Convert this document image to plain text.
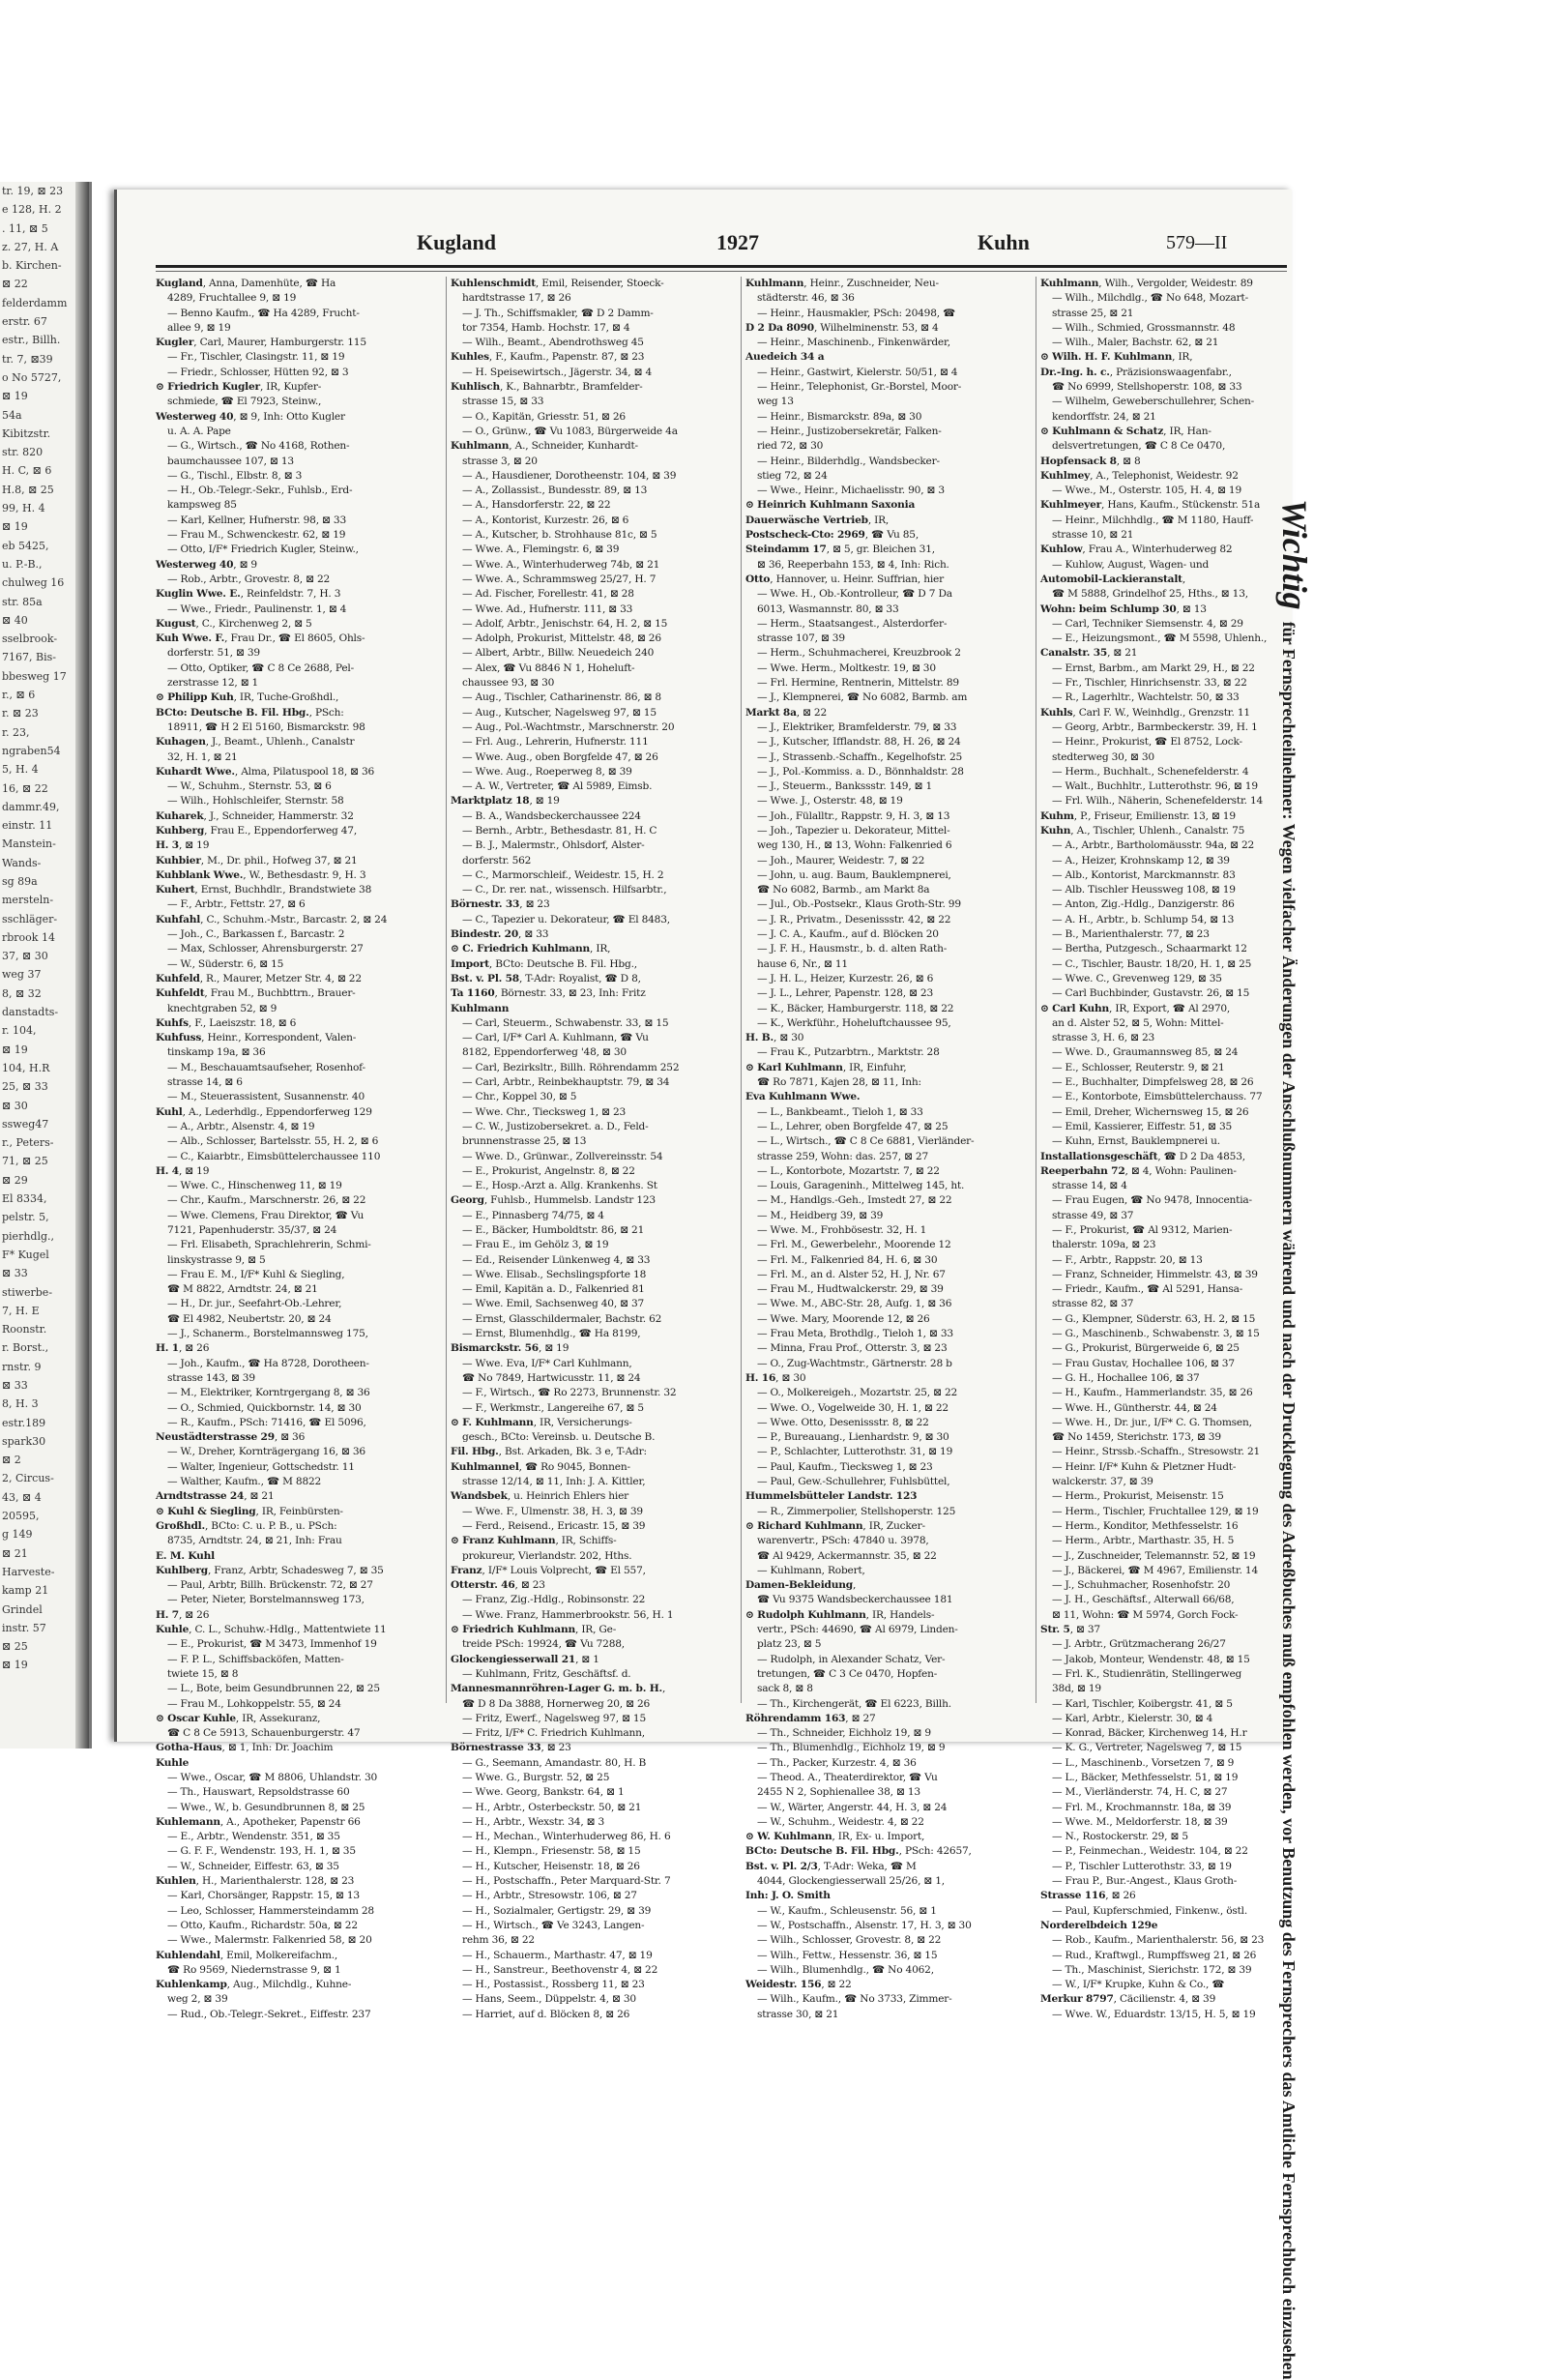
tr. 19, ⊠ 23
e 128, H. 2
. 11, ⊠ 5
z. 27, H. A
b. Kirchen-
⊠ 22
felderdamm
erstr. 67
estr., Billh.
tr. 7, ⊠39
o No 5727,
⊠ 19
54a
Kibitzstr.
str. 820
H. C, ⊠ 6
H.8, ⊠ 25
99, H. 4
⊠ 19
eb 5425,
u. P.-B.,
chulweg 16
str. 85a
⊠ 40
sselbrook-
7167, Bis-
bbesweg 17
r., ⊠ 6
r. ⊠ 23
r. 23,
ngraben54
5, H. 4
16, ⊠ 22
dammr.49,
einstr. 11
Manstein-
Wands-
sg 89a
mersteln-
sschläger-
rbrook 14
37, ⊠ 30
weg 37
8, ⊠ 32
danstadts-
r. 104,
⊠ 19
104, H.R
25, ⊠ 33
⊠ 30
ssweg47
r., Peters-
71, ⊠ 25
⊠ 29
El 8334,
pelstr. 5,
pierhdlg.,
F* Kugel
⊠ 33
stiwerbe-
7, H. E
Roonstr.
r. Borst.,
rnstr. 9
⊠ 33
8, H. 3
estr.189
spark30
⊠ 2
2, Circus-
43, ⊠ 4
20595,
g 149
⊠ 21
Harveste-
kamp 21
Grindel
instr. 57
⊠ 25
⊠ 19
Kugland	1927	Kuhn	579—II
Kugland, Anna, Damenhüte, ☎ Ha
4289, Fruchtallee 9, ⊠ 19
— Benno Kaufm., ☎ Ha 4289, Frucht-
allee 9, ⊠ 19
Kugler, Carl, Maurer, Hamburgerstr. 115
— Fr., Tischler, Clasingstr. 11, ⊠ 19
— Friedr., Schlosser, Hütten 92, ⊠ 3
⊙ Friedrich Kugler, IR, Kupfer-
schmiede, ☎ El 7923, Steinw.,
Westerweg 40, ⊠ 9, Inh: Otto Kugler
u. A. A. Pape
— G., Wirtsch., ☎ No 4168, Rothen-
baumchaussee 107, ⊠ 13
— G., Tischl., Elbstr. 8, ⊠ 3
— H., Ob.-Telegr.-Sekr., Fuhlsb., Erd-
kampsweg 85
— Karl, Kellner, Hufnerstr. 98, ⊠ 33
— Frau M., Schwenckestr. 62, ⊠ 19
— Otto, I/F* Friedrich Kugler, Steinw.,
Westerweg 40, ⊠ 9
— Rob., Arbtr., Grovestr. 8, ⊠ 22
Kuglin Wwe. E., Reinfeldstr. 7, H. 3
— Wwe., Friedr., Paulinenstr. 1, ⊠ 4
Kugust, C., Kirchenweg 2, ⊠ 5
Kuh Wwe. F., Frau Dr., ☎ El 8605, Ohls-
dorferstr. 51, ⊠ 39
— Otto, Optiker, ☎ C 8 Ce 2688, Pel-
zerstrasse 12, ⊠ 1
⊙ Philipp Kuh, IR, Tuche-Großhdl.,
BCto: Deutsche B. Fil. Hbg., PSch:
18911, ☎ H 2 El 5160, Bismarckstr. 98
Kuhagen, J., Beamt., Uhlenh., Canalstr
32, H. 1, ⊠ 21
Kuhardt Wwe., Alma, Pilatuspool 18, ⊠ 36
— W., Schuhm., Sternstr. 53, ⊠ 6
— Wilh., Hohlschleifer, Sternstr. 58
Kuharek, J., Schneider, Hammerstr. 32
Kuhberg, Frau E., Eppendorferweg 47,
H. 3, ⊠ 19
Kuhbier, M., Dr. phil., Hofweg 37, ⊠ 21
Kuhblank Wwe., W., Bethesdastr. 9, H. 3
Kuhert, Ernst, Buchhdlr., Brandstwiete 38
— F., Arbtr., Fettstr. 27, ⊠ 6
Kuhfahl, C., Schuhm.-Mstr., Barcastr. 2, ⊠ 24
— Joh., C., Barkassen f., Barcastr. 2
— Max, Schlosser, Ahrensburgerstr. 27
— W., Süderstr. 6, ⊠ 15
Kuhfeld, R., Maurer, Metzer Str. 4, ⊠ 22
Kuhfeldt, Frau M., Buchbttrn., Brauer-
knechtgraben 52, ⊠ 9
Kuhfs, F., Laeiszstr. 18, ⊠ 6
Kuhfuss, Heinr., Korrespondent, Valen-
tinskamp 19a, ⊠ 36
— M., Beschauamtsaufseher, Rosenhof-
strasse 14, ⊠ 6
— M., Steuerassistent, Susannenstr. 40
Kuhl, A., Lederhdlg., Eppendorferweg 129
— A., Arbtr., Alsenstr. 4, ⊠ 19
— Alb., Schlosser, Bartelsstr. 55, H. 2, ⊠ 6
— C., Kaiarbtr., Eimsbüttelerchaussee 110
H. 4, ⊠ 19
— Wwe. C., Hinschenweg 11, ⊠ 19
— Chr., Kaufm., Marschnerstr. 26, ⊠ 22
— Wwe. Clemens, Frau Direktor, ☎ Vu
7121, Papenhuderstr. 35/37, ⊠ 24
— Frl. Elisabeth, Sprachlehrerin, Schmi-
linskystrasse 9, ⊠ 5
— Frau E. M., I/F* Kuhl & Siegling,
☎ M 8822, Arndtstr. 24, ⊠ 21
— H., Dr. jur., Seefahrt-Ob.-Lehrer,
☎ El 4982, Neubertstr. 20, ⊠ 24
— J., Schanerm., Borstelmannsweg 175,
H. 1, ⊠ 26
— Joh., Kaufm., ☎ Ha 8728, Dorotheen-
strasse 143, ⊠ 39
— M., Elektriker, Korntrgergang 8, ⊠ 36
— O., Schmied, Quickbornstr. 14, ⊠ 30
— R., Kaufm., PSch: 71416, ☎ El 5096,
Neustädterstrasse 29, ⊠ 36
— W., Dreher, Kornträgergang 16, ⊠ 36
— Walter, Ingenieur, Gottschedstr. 11
— Walther, Kaufm., ☎ M 8822
Arndtstrasse 24, ⊠ 21
⊙ Kuhl & Siegling, IR, Feinbürsten-
Großhdl., BCto: C. u. P. B., u. PSch:
8735, Arndtstr. 24, ⊠ 21, Inh: Frau
E. M. Kuhl
Kuhlberg, Franz, Arbtr, Schadesweg 7, ⊠ 35
— Paul, Arbtr, Billh. Brückenstr. 72, ⊠ 27
— Peter, Nieter, Borstelmannsweg 173,
H. 7, ⊠ 26
Kuhle, C. L., Schuhw.-Hdlg., Mattentwiete 11
— E., Prokurist, ☎ M 3473, Immenhof 19
— F. P. L., Schiffsbacköfen, Matten-
twiete 15, ⊠ 8
— L., Bote, beim Gesundbrunnen 22, ⊠ 25
— Frau M., Lohkoppelstr. 55, ⊠ 24
⊙ Oscar Kuhle, IR, Assekuranz,
☎ C 8 Ce 5913, Schauenburgerstr. 47
Gotha-Haus, ⊠ 1, Inh: Dr. Joachim
Kuhle
— Wwe., Oscar, ☎ M 8806, Uhlandstr. 30
— Th., Hauswart, Repsoldstrasse 60
— Wwe., W., b. Gesundbrunnen 8, ⊠ 25
Kuhlemann, A., Apotheker, Papenstr 66
— E., Arbtr., Wendenstr. 351, ⊠ 35
— G. F. F., Wendenstr. 193, H. 1, ⊠ 35
— W., Schneider, Eiffestr. 63, ⊠ 35
Kuhlen, H., Marienthalerstr. 128, ⊠ 23
— Karl, Chorsänger, Rappstr. 15, ⊠ 13
— Leo, Schlosser, Hammersteindamm 28
— Otto, Kaufm., Richardstr. 50a, ⊠ 22
— Wwe., Malermstr. Falkenried 58, ⊠ 20
Kuhlendahl, Emil, Molkereifachm.,
☎ Ro 9569, Niedernstrasse 9, ⊠ 1
Kuhlenkamp, Aug., Milchdlg., Kuhne-
weg 2, ⊠ 39
— Rud., Ob.-Telegr.-Sekret., Eiffestr. 237
Kuhlenschmidt, Emil, Reisender, Stoeck-
hardtstrasse 17, ⊠ 26
— J. Th., Schiffsmakler, ☎ D 2 Damm-
tor 7354, Hamb. Hochstr. 17, ⊠ 4
— Wilh., Beamt., Abendrothsweg 45
Kuhles, F., Kaufm., Papenstr. 87, ⊠ 23
— H. Speisewirtsch., Jägerstr. 34, ⊠ 4
Kuhlisch, K., Bahnarbtr., Bramfelder-
strasse 15, ⊠ 33
— O., Kapitän, Griesstr. 51, ⊠ 26
— O., Grünw., ☎ Vu 1083, Bürgerweide 4a
Kuhlmann, A., Schneider, Kunhardt-
strasse 3, ⊠ 20
— A., Hausdiener, Dorotheenstr. 104, ⊠ 39
— A., Zollassist., Bundesstr. 89, ⊠ 13
— A., Hansdorferstr. 22, ⊠ 22
— A., Kontorist, Kurzestr. 26, ⊠ 6
— A., Kutscher, b. Strohhause 81c, ⊠ 5
— Wwe. A., Flemingstr. 6, ⊠ 39
— Wwe. A., Winterhuderweg 74b, ⊠ 21
— Wwe. A., Schrammsweg 25/27, H. 7
— Ad. Fischer, Forellestr. 41, ⊠ 28
— Wwe. Ad., Hufnerstr. 111, ⊠ 33
— Adolf, Arbtr., Jenischstr. 64, H. 2, ⊠ 15
— Adolph, Prokurist, Mittelstr. 48, ⊠ 26
— Albert, Arbtr., Billw. Neuedeich 240
— Alex, ☎ Vu 8846 N 1, Hoheluft-
chaussee 93, ⊠ 30
— Aug., Tischler, Catharinenstr. 86, ⊠ 8
— Aug., Kutscher, Nagelsweg 97, ⊠ 15
— Aug., Pol.-Wachtmstr., Marschnerstr. 20
— Frl. Aug., Lehrerin, Hufnerstr. 111
— Wwe. Aug., oben Borgfelde 47, ⊠ 26
— Wwe. Aug., Roeperweg 8, ⊠ 39
— A. W., Vertreter, ☎ Al 5989, Eimsb.
Marktplatz 18, ⊠ 19
— B. A., Wandsbeckerchaussee 224
— Bernh., Arbtr., Bethesdastr. 81, H. C
— B. J., Malermstr., Ohlsdorf, Alster-
dorferstr. 562
— C., Marmorschleif., Weidestr. 15, H. 2
— C., Dr. rer. nat., wissensch. Hilfsarbtr.,
Börnestr. 33, ⊠ 23
— C., Tapezier u. Dekorateur, ☎ El 8483,
Bindestr. 20, ⊠ 33
⊙ C. Friedrich Kuhlmann, IR,
Import, BCto: Deutsche B. Fil. Hbg.,
Bst. v. Pl. 58, T-Adr: Royalist, ☎ D 8,
Ta 1160, Börnestr. 33, ⊠ 23, Inh: Fritz
Kuhlmann
— Carl, Steuerm., Schwabenstr. 33, ⊠ 15
— Carl, I/F* Carl A. Kuhlmann, ☎ Vu
8182, Eppendorferweg '48, ⊠ 30
— Carl, Bezirksltr., Billh. Röhrendamm 252
— Carl, Arbtr., Reinbekhauptstr. 79, ⊠ 34
— Chr., Koppel 30, ⊠ 5
— Wwe. Chr., Tiecksweg 1, ⊠ 23
— C. W., Justizobersekret. a. D., Feld-
brunnenstrasse 25, ⊠ 13
— Wwe. D., Grünwar., Zollvereinsstr. 54
— E., Prokurist, Angelnstr. 8, ⊠ 22
— E., Hosp.-Arzt a. Allg. Krankenhs. St
Georg, Fuhlsb., Hummelsb. Landstr 123
— E., Pinnasberg 74/75, ⊠ 4
— E., Bäcker, Humboldtstr. 86, ⊠ 21
— Frau E., im Gehölz 3, ⊠ 19
— Ed., Reisender Lünkenweg 4, ⊠ 33
— Wwe. Elisab., Sechslingspforte 18
— Emil, Kapitän a. D., Falkenried 81
— Wwe. Emil, Sachsenweg 40, ⊠ 37
— Ernst, Glasschildermaler, Bachstr. 62
— Ernst, Blumenhdlg., ☎ Ha 8199,
Bismarckstr. 56, ⊠ 19
— Wwe. Eva, I/F* Carl Kuhlmann,
☎ No 7849, Hartwicusstr. 11, ⊠ 24
— F., Wirtsch., ☎ Ro 2273, Brunnenstr. 32
— F., Werkmstr., Langereihe 67, ⊠ 5
⊙ F. Kuhlmann, IR, Versicherungs-
gesch., BCto: Vereinsb. u. Deutsche B.
Fil. Hbg., Bst. Arkaden, Bk. 3 e, T-Adr:
Kuhlmannel, ☎ Ro 9045, Bonnen-
strasse 12/14, ⊠ 11, Inh: J. A. Kittler,
Wandsbek, u. Heinrich Ehlers hier
— Wwe. F., Ulmenstr. 38, H. 3, ⊠ 39
— Ferd., Reisend., Ericastr. 15, ⊠ 39
⊙ Franz Kuhlmann, IR, Schiffs-
prokureur, Vierlandstr. 202, Hths.
Franz, I/F* Louis Volprecht, ☎ El 557,
Otterstr. 46, ⊠ 23
— Franz, Zig.-Hdlg., Robinsonstr. 22
— Wwe. Franz, Hammerbrookstr. 56, H. 1
⊙ Friedrich Kuhlmann, IR, Ge-
treide PSch: 19924, ☎ Vu 7288,
Glockengiesserwall 21, ⊠ 1
— Kuhlmann, Fritz, Geschäftsf. d.
Mannesmannröhren-Lager G. m. b. H.,
☎ D 8 Da 3888, Hornerweg 20, ⊠ 26
— Fritz, Ewerf., Nagelsweg 97, ⊠ 15
— Fritz, I/F* C. Friedrich Kuhlmann,
Börnestrasse 33, ⊠ 23
— G., Seemann, Amandastr. 80, H. B
— Wwe. G., Burgstr. 52, ⊠ 25
— Wwe. Georg, Bankstr. 64, ⊠ 1
— H., Arbtr., Osterbeckstr. 50, ⊠ 21
— H., Arbtr., Wexstr. 34, ⊠ 3
— H., Mechan., Winterhuderweg 86, H. 6
— H., Klempn., Friesenstr. 58, ⊠ 15
— H., Kutscher, Heisenstr. 18, ⊠ 26
— H., Postschaffn., Peter Marquard-Str. 7
— H., Arbtr., Stresowstr. 106, ⊠ 27
— H., Sozialmaler, Gertigstr. 29, ⊠ 39
— H., Wirtsch., ☎ Ve 3243, Langen-
rehm 36, ⊠ 22
— H., Schauerm., Marthastr. 47, ⊠ 19
— H., Sanstreur., Beethovenstr 4, ⊠ 22
— H., Postassist., Rossberg 11, ⊠ 23
— Hans, Seem., Düppelstr. 4, ⊠ 30
— Harriet, auf d. Blöcken 8, ⊠ 26
Kuhlmann, Heinr., Zuschneider, Neu-
städterstr. 46, ⊠ 36
— Heinr., Hausmakler, PSch: 20498, ☎
D 2 Da 8090, Wilhelminenstr. 53, ⊠ 4
— Heinr., Maschinenb., Finkenwärder,
Auedeich 34 a
— Heinr., Gastwirt, Kielerstr. 50/51, ⊠ 4
— Heinr., Telephonist, Gr.-Borstel, Moor-
weg 13
— Heinr., Bismarckstr. 89a, ⊠ 30
— Heinr., Justizobersekretär, Falken-
ried 72, ⊠ 30
— Heinr., Bilderhdlg., Wandsbecker-
stieg 72, ⊠ 24
— Wwe., Heinr., Michaelisstr. 90, ⊠ 3
⊙ Heinrich Kuhlmann Saxonia
Dauerwäsche Vertrieb, IR,
Postscheck-Cto: 2969, ☎ Vu 85,
Steindamm 17, ⊠ 5, gr. Bleichen 31,
⊠ 36, Reeperbahn 153, ⊠ 4, Inh: Rich.
Otto, Hannover, u. Heinr. Suffrian, hier
— Wwe. H., Ob.-Kontrolleur, ☎ D 7 Da
6013, Wasmannstr. 80, ⊠ 33
— Herm., Staatsangest., Alsterdorfer-
strasse 107, ⊠ 39
— Herm., Schuhmacherei, Kreuzbrook 2
— Wwe. Herm., Moltkestr. 19, ⊠ 30
— Frl. Hermine, Rentnerin, Mittelstr. 89
— J., Klempnerei, ☎ No 6082, Barmb. am
Markt 8a, ⊠ 22
— J., Elektriker, Bramfelderstr. 79, ⊠ 33
— J., Kutscher, Ifflandstr. 88, H. 26, ⊠ 24
— J., Strassenb.-Schaffn., Kegelhofstr. 25
— J., Pol.-Kommiss. a. D., Bönnhaldstr. 28
— J., Steuerm., Bankssstr. 149, ⊠ 1
— Wwe. J., Osterstr. 48, ⊠ 19
— Joh., Fülalltr., Rappstr. 9, H. 3, ⊠ 13
— Joh., Tapezier u. Dekorateur, Mittel-
weg 130, H., ⊠ 13, Wohn: Falkenried 6
— Joh., Maurer, Weidestr. 7, ⊠ 22
— John, u. aug. Baum, Bauklempnerei,
☎ No 6082, Barmb., am Markt 8a
— Jul., Ob.-Postsekr., Klaus Groth-Str. 99
— J. R., Privatm., Desenissstr. 42, ⊠ 22
— J. C. A., Kaufm., auf d. Blöcken 20
— J. F. H., Hausmstr., b. d. alten Rath-
hause 6, Nr., ⊠ 11
— J. H. L., Heizer, Kurzestr. 26, ⊠ 6
— J. L., Lehrer, Papenstr. 128, ⊠ 23
— K., Bäcker, Hamburgerstr. 118, ⊠ 22
— K., Werkführ., Hoheluftchaussee 95,
H. B., ⊠ 30
— Frau K., Putzarbtrn., Marktstr. 28
⊙ Karl Kuhlmann, IR, Einfuhr,
☎ Ro 7871, Kajen 28, ⊠ 11, Inh:
Eva Kuhlmann Wwe.
— L., Bankbeamt., Tieloh 1, ⊠ 33
— L., Lehrer, oben Borgfelde 47, ⊠ 25
— L., Wirtsch., ☎ C 8 Ce 6881, Vierländer-
strasse 259, Wohn: das. 257, ⊠ 27
— L., Kontorbote, Mozartstr. 7, ⊠ 22
— Louis, Garageninh., Mittelweg 145, ht.
— M., Handlgs.-Geh., Imstedt 27, ⊠ 22
— M., Heidberg 39, ⊠ 39
— Wwe. M., Frohbösestr. 32, H. 1
— Frl. M., Gewerbelehr., Moorende 12
— Frl. M., Falkenried 84, H. 6, ⊠ 30
— Frl. M., an d. Alster 52, H. J, Nr. 67
— Frau M., Hudtwalckerstr. 29, ⊠ 39
— Wwe. M., ABC-Str. 28, Aufg. 1, ⊠ 36
— Wwe. Mary, Moorende 12, ⊠ 26
— Frau Meta, Brothdlg., Tieloh 1, ⊠ 33
— Minna, Frau Prof., Otterstr. 3, ⊠ 23
— O., Zug-Wachtmstr., Gärtnerstr. 28 b
H. 16, ⊠ 30
— O., Molkereigeh., Mozartstr. 25, ⊠ 22
— Wwe. O., Vogelweide 30, H. 1, ⊠ 22
— Wwe. Otto, Desenissstr. 8, ⊠ 22
— P., Bureauang., Lienhardstr. 9, ⊠ 30
— P., Schlachter, Lutterothstr. 31, ⊠ 19
— Paul, Kaufm., Tiecksweg 1, ⊠ 23
— Paul, Gew.-Schullehrer, Fuhlsbüttel,
Hummelsbütteler Landstr. 123
— R., Zimmerpolier, Stellshoperstr. 125
⊙ Richard Kuhlmann, IR, Zucker-
warenvertr., PSch: 47840 u. 3978,
☎ Al 9429, Ackermannstr. 35, ⊠ 22
— Kuhlmann, Robert,
Damen-Bekleidung,
☎ Vu 9375 Wandsbeckerchaussee 181
⊙ Rudolph Kuhlmann, IR, Handels-
vertr., PSch: 44690, ☎ Al 6979, Linden-
platz 23, ⊠ 5
— Rudolph, in Alexander Schatz, Ver-
tretungen, ☎ C 3 Ce 0470, Hopfen-
sack 8, ⊠ 8
— Th., Kirchengerät, ☎ El 6223, Billh.
Röhrendamm 163, ⊠ 27
— Th., Schneider, Eichholz 19, ⊠ 9
— Th., Blumenhdlg., Eichholz 19, ⊠ 9
— Th., Packer, Kurzestr. 4, ⊠ 36
— Theod. A., Theaterdirektor, ☎ Vu
2455 N 2, Sophienallee 38, ⊠ 13
— W., Wärter, Angerstr. 44, H. 3, ⊠ 24
— W., Schuhm., Weidestr. 4, ⊠ 22
⊙ W. Kuhlmann, IR, Ex- u. Import,
BCto: Deutsche B. Fil. Hbg., PSch: 42657,
Bst. v. Pl. 2/3, T-Adr: Weka, ☎ M
4044, Glockengiesserwall 25/26, ⊠ 1,
Inh: J. O. Smith
— W., Kaufm., Schleusenstr. 56, ⊠ 1
— W., Postschaffn., Alsenstr. 17, H. 3, ⊠ 30
— Wilh., Schlosser, Grovestr. 8, ⊠ 22
— Wilh., Fettw., Hessenstr. 36, ⊠ 15
— Wilh., Blumenhdlg., ☎ No 4062,
Weidestr. 156, ⊠ 22
— Wilh., Kaufm., ☎ No 3733, Zimmer-
strasse 30, ⊠ 21
Kuhlmann, Wilh., Vergolder, Weidestr. 89
— Wilh., Milchdlg., ☎ No 648, Mozart-
strasse 25, ⊠ 21
— Wilh., Schmied, Grossmannstr. 48
— Wilh., Maler, Bachstr. 62, ⊠ 21
⊙ Wilh. H. F. Kuhlmann, IR,
Dr.-Ing. h. c., Präzisionswaagenfabr.,
☎ No 6999, Stellshoperstr. 108, ⊠ 33
— Wilhelm, Geweberschullehrer, Schen-
kendorffstr. 24, ⊠ 21
⊙ Kuhlmann & Schatz, IR, Han-
delsvertretungen, ☎ C 8 Ce 0470,
Hopfensack 8, ⊠ 8
Kuhlmey, A., Telephonist, Weidestr. 92
— Wwe., M., Osterstr. 105, H. 4, ⊠ 19
Kuhlmeyer, Hans, Kaufm., Stückenstr. 51a
— Heinr., Milchhdlg., ☎ M 1180, Hauff-
strasse 10, ⊠ 21
Kuhlow, Frau A., Winterhuderweg 82
— Kuhlow, August, Wagen- und
Automobil-Lackieranstalt,
☎ M 5888, Grindelhof 25, Hths., ⊠ 13,
Wohn: beim Schlump 30, ⊠ 13
— Carl, Techniker Siemsenstr. 4, ⊠ 29
— E., Heizungsmont., ☎ M 5598, Uhlenh.,
Canalstr. 35, ⊠ 21
— Ernst, Barbm., am Markt 29, H., ⊠ 22
— Fr., Tischler, Hinrichsenstr. 33, ⊠ 22
— R., Lagerhltr., Wachtelstr. 50, ⊠ 33
Kuhls, Carl F. W., Weinhdlg., Grenzstr. 11
— Georg, Arbtr., Barmbeckerstr. 39, H. 1
— Heinr., Prokurist, ☎ El 8752, Lock-
stedterweg 30, ⊠ 30
— Herm., Buchhalt., Schenefelderstr. 4
— Walt., Buchhltr., Lutterothstr. 96, ⊠ 19
— Frl. Wilh., Näherin, Schenefelderstr. 14
Kuhm, P., Friseur, Emilienstr. 13, ⊠ 19
Kuhn, A., Tischler, Uhlenh., Canalstr. 75
— A., Arbtr., Bartholomäusstr. 94a, ⊠ 22
— A., Heizer, Krohnskamp 12, ⊠ 39
— Alb., Kontorist, Marckmannstr. 83
— Alb. Tischler Heussweg 108, ⊠ 19
— Anton, Zig.-Hdlg., Danzigerstr. 86
— A. H., Arbtr., b. Schlump 54, ⊠ 13
— B., Marienthalerstr. 77, ⊠ 23
— Bertha, Putzgesch., Schaarmarkt 12
— C., Tischler, Baustr. 18/20, H. 1, ⊠ 25
— Wwe. C., Grevenweg 129, ⊠ 35
— Carl Buchbinder, Gustavstr. 26, ⊠ 15
⊙ Carl Kuhn, IR, Export, ☎ Al 2970,
an d. Alster 52, ⊠ 5, Wohn: Mittel-
strasse 3, H. 6, ⊠ 23
— Wwe. D., Graumannsweg 85, ⊠ 24
— E., Schlosser, Reuterstr. 9, ⊠ 21
— E., Buchhalter, Dimpfelsweg 28, ⊠ 26
— E., Kontorbote, Eimsbüttelerchauss. 77
— Emil, Dreher, Wichernsweg 15, ⊠ 26
— Emil, Kassierer, Eiffestr. 51, ⊠ 35
— Kuhn, Ernst, Bauklempnerei u.
Installationsgeschäft, ☎ D 2 Da 4853,
Reeperbahn 72, ⊠ 4, Wohn: Paulinen-
strasse 14, ⊠ 4
— Frau Eugen, ☎ No 9478, Innocentia-
strasse 49, ⊠ 37
— F., Prokurist, ☎ Al 9312, Marien-
thalerstr. 109a, ⊠ 23
— F., Arbtr., Rappstr. 20, ⊠ 13
— Franz, Schneider, Himmelstr. 43, ⊠ 39
— Friedr., Kaufm., ☎ Al 5291, Hansa-
strasse 82, ⊠ 37
— G., Klempner, Süderstr. 63, H. 2, ⊠ 15
— G., Maschinenb., Schwabenstr. 3, ⊠ 15
— G., Prokurist, Bürgerweide 6, ⊠ 25
— Frau Gustav, Hochallee 106, ⊠ 37
— G. H., Hochallee 106, ⊠ 37
— H., Kaufm., Hammerlandstr. 35, ⊠ 26
— Wwe. H., Güntherstr. 44, ⊠ 24
— Wwe. H., Dr. jur., I/F* C. G. Thomsen,
☎ No 1459, Sterichstr. 173, ⊠ 39
— Heinr., Strssb.-Schaffn., Stresowstr. 21
— Heinr. I/F* Kuhn & Pletzner Hudt-
walckerstr. 37, ⊠ 39
— Herm., Prokurist, Meisenstr. 15
— Herm., Tischler, Fruchtallee 129, ⊠ 19
— Herm., Konditor, Methfesselstr. 16
— Herm., Arbtr., Marthastr. 35, H. 5
— J., Zuschneider, Telemannstr. 52, ⊠ 19
— J., Bäckerei, ☎ M 4967, Emilienstr. 14
— J., Schuhmacher, Rosenhofstr. 20
— J. H., Geschäftsf., Alterwall 66/68,
⊠ 11, Wohn: ☎ M 5974, Gorch Fock-
Str. 5, ⊠ 37
— J. Arbtr., Grützmacherang 26/27
— Jakob, Monteur, Wendenstr. 48, ⊠ 15
— Frl. K., Studienrätin, Stellingerweg
38d, ⊠ 19
— Karl, Tischler, Koibergstr. 41, ⊠ 5
— Karl, Arbtr., Kielerstr. 30, ⊠ 4
— Konrad, Bäcker, Kirchenweg 14, H.r
— K. G., Vertreter, Nagelsweg 7, ⊠ 15
— L., Maschinenb., Vorsetzen 7, ⊠ 9
— L., Bäcker, Methfesselstr. 51, ⊠ 19
— M., Vierländerstr. 74, H. C, ⊠ 27
— Frl. M., Krochmannstr. 18a, ⊠ 39
— Wwe. M., Meldorferstr. 18, ⊠ 39
— N., Rostockerstr. 29, ⊠ 5
— P., Feinmechan., Weidestr. 104, ⊠ 22
— P., Tischler Lutterothstr. 33, ⊠ 19
— Frau P., Bur.-Angest., Klaus Groth-
Strasse 116, ⊠ 26
— Paul, Kupferschmied, Finkenw., östl.
Norderelbdeich 129e
— Rob., Kaufm., Marienthalerstr. 56, ⊠ 23
— Rud., Kraftwgl., Rumpffsweg 21, ⊠ 26
— Th., Maschinist, Sierichstr. 172, ⊠ 39
— W., I/F* Krupke, Kuhn & Co., ☎
Merkur 8797, Cäcilienstr. 4, ⊠ 39
— Wwe. W., Eduardstr. 13/15, H. 5, ⊠ 19
Wichtigfür Fernsprechteilnehmer: Wegen vielfacher Änderungen der Anschlußnummern während und nach der Drucklegung des Adreßbuches muß empfohlen werden, vor Benutzung des Fernsprechers das Amtliche Fernsprechbuch einzusehen
